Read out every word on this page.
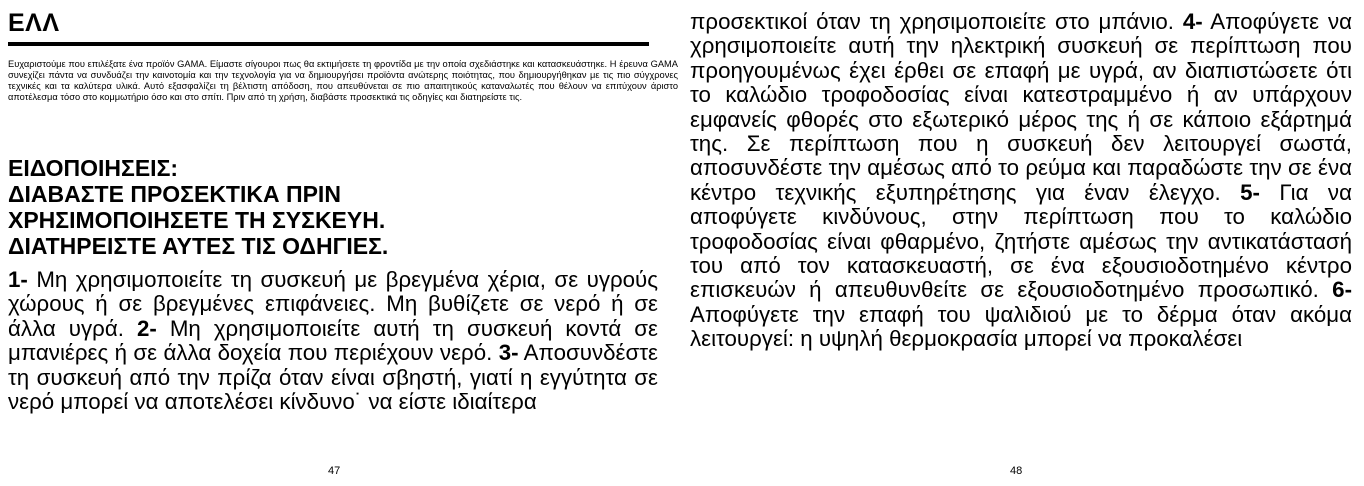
ΕΛΛ
Ευχαριστούμε που επιλέξατε ένα προϊόν GAMA. Είμαστε σίγουροι πως θα εκτιμήσετε τη φροντίδα με την οποία σχεδιάστηκε και κατασκευάστηκε. Η έρευνα GAMA συνεχίζει πάντα να συνδυάζει την καινοτομία και την τεχνολογία για να δημιουργήσει προϊόντα ανώτερης ποιότητας, που δημιουργήθηκαν με τις πιο σύγχρονες τεχνικές και τα καλύτερα υλικά. Αυτό εξασφαλίζει τη βέλτιστη απόδοση, που απευθύνεται σε πιο απαιτητικούς καταναλωτές που θέλουν να επιτύχουν άριστο αποτέλεσμα τόσο στο κομμωτήριο όσο και στο σπίτι. Πριν από τη χρήση, διαβάστε προσεκτικά τις οδηγίες και διατηρείστε τις.
ΕΙΔΟΠΟΙΗΣΕΙΣ:
ΔΙΑΒΑΣΤΕ ΠΡΟΣΕΚΤΙΚΑ ΠΡΙΝ
ΧΡΗΣΙΜΟΠΟΙΗΣΕΤΕ ΤΗ ΣΥΣΚΕΥΗ.
ΔΙΑΤΗΡΕΙΣΤΕ ΑΥΤΕΣ ΤΙΣ ΟΔΗΓΙΕΣ.
1- Μη χρησιμοποιείτε τη συσκευή με βρεγμένα χέρια, σε υγρούς χώρους ή σε βρεγμένες επιφάνειες. Μη βυθίζετε σε νερό ή σε άλλα υγρά. 2- Μη χρησιμοποιείτε αυτή τη συσκευή κοντά σε μπανιέρες ή σε άλλα δοχεία που περιέχουν νερό. 3- Αποσυνδέστε τη συσκευή από την πρίζα όταν είναι σβηστή, γιατί η εγγύτητα σε νερό μπορεί να αποτελέσει κίνδυνο˙ να είστε ιδιαίτερα
47
προσεκτικοί όταν τη χρησιμοποιείτε στο μπάνιο. 4- Αποφύγετε να χρησιμοποιείτε αυτή την ηλεκτρική συσκευή σε περίπτωση που προηγουμένως έχει έρθει σε επαφή με υγρά, αν διαπιστώσετε ότι το καλώδιο τροφοδοσίας είναι κατεστραμμένο ή αν υπάρχουν εμφανείς φθορές στο εξωτερικό μέρος της ή σε κάποιο εξάρτημά της. Σε περίπτωση που η συσκευή δεν λειτουργεί σωστά, αποσυνδέστε την αμέσως από το ρεύμα και παραδώστε την σε ένα κέντρο τεχνικής εξυπηρέτησης για έναν έλεγχο. 5- Για να αποφύγετε κινδύνους, στην περίπτωση που το καλώδιο τροφοδοσίας είναι φθαρμένο, ζητήστε αμέσως την αντικατάστασή του από τον κατασκευαστή, σε ένα εξουσιοδοτημένο κέντρο επισκευών ή απευθυνθείτε σε εξουσιοδοτημένο προσωπικό. 6- Αποφύγετε την επαφή του ψαλιδιού με το δέρμα όταν ακόμα λειτουργεί: η υψηλή θερμοκρασία μπορεί να προκαλέσει
48
